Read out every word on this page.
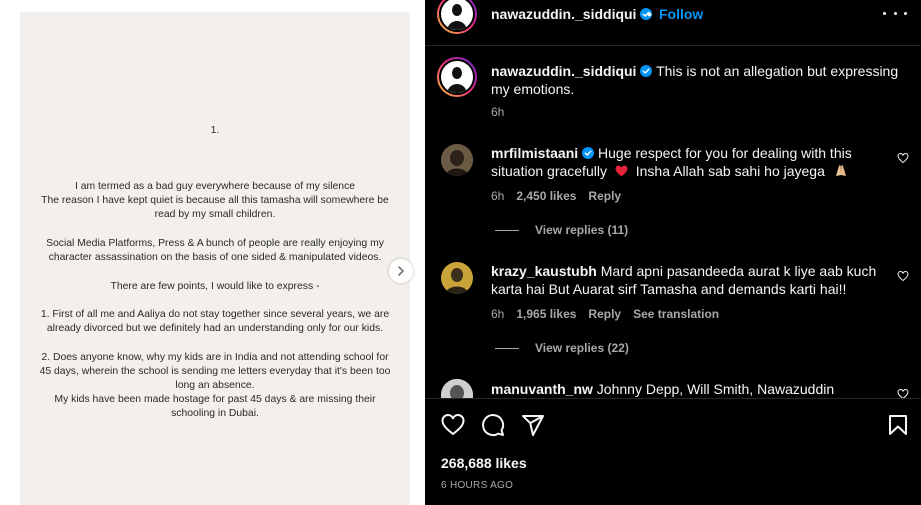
1.
I am termed as a bad guy everywhere because of my silence
The reason I have kept quiet is because all this tamasha will somewhere be
read by my small children.
Social Media Platforms, Press & A bunch of people are really enjoying my
character assassination on the basis of one sided & manipulated videos.
There are few points, I would like to express -
1. First of all me and Aaliya do not stay together since several years, we are
already divorced but we definitely had an understanding only for our kids.
2. Does anyone know, why my kids are in India and not attending school for
45 days, wherein the school is sending me letters everyday that it's been too
long an absence.
My kids have been made hostage for past 45 days & are missing their
schooling in Dubai.
nawazuddin._siddiqui • Follow
nawazuddin._siddiqui This is not an allegation but expressing
my emotions.
6h
mrfilmistaani Huge respect for you for dealing with this
situation gracefully Insha Allah sab sahi ho jayega
6h 2,450 likes Reply
View replies (11)
krazy_kaustubh Mard apni pasandeeda aurat k liye aab kuch
karta hai But Auarat sirf Tamasha and demands karti hai!!
6h 1,965 likes Reply See translation
View replies (22)
manuvanth_nw Johnny Depp, Will Smith, Nawazuddin
268,688 likes
6 HOURS AGO
